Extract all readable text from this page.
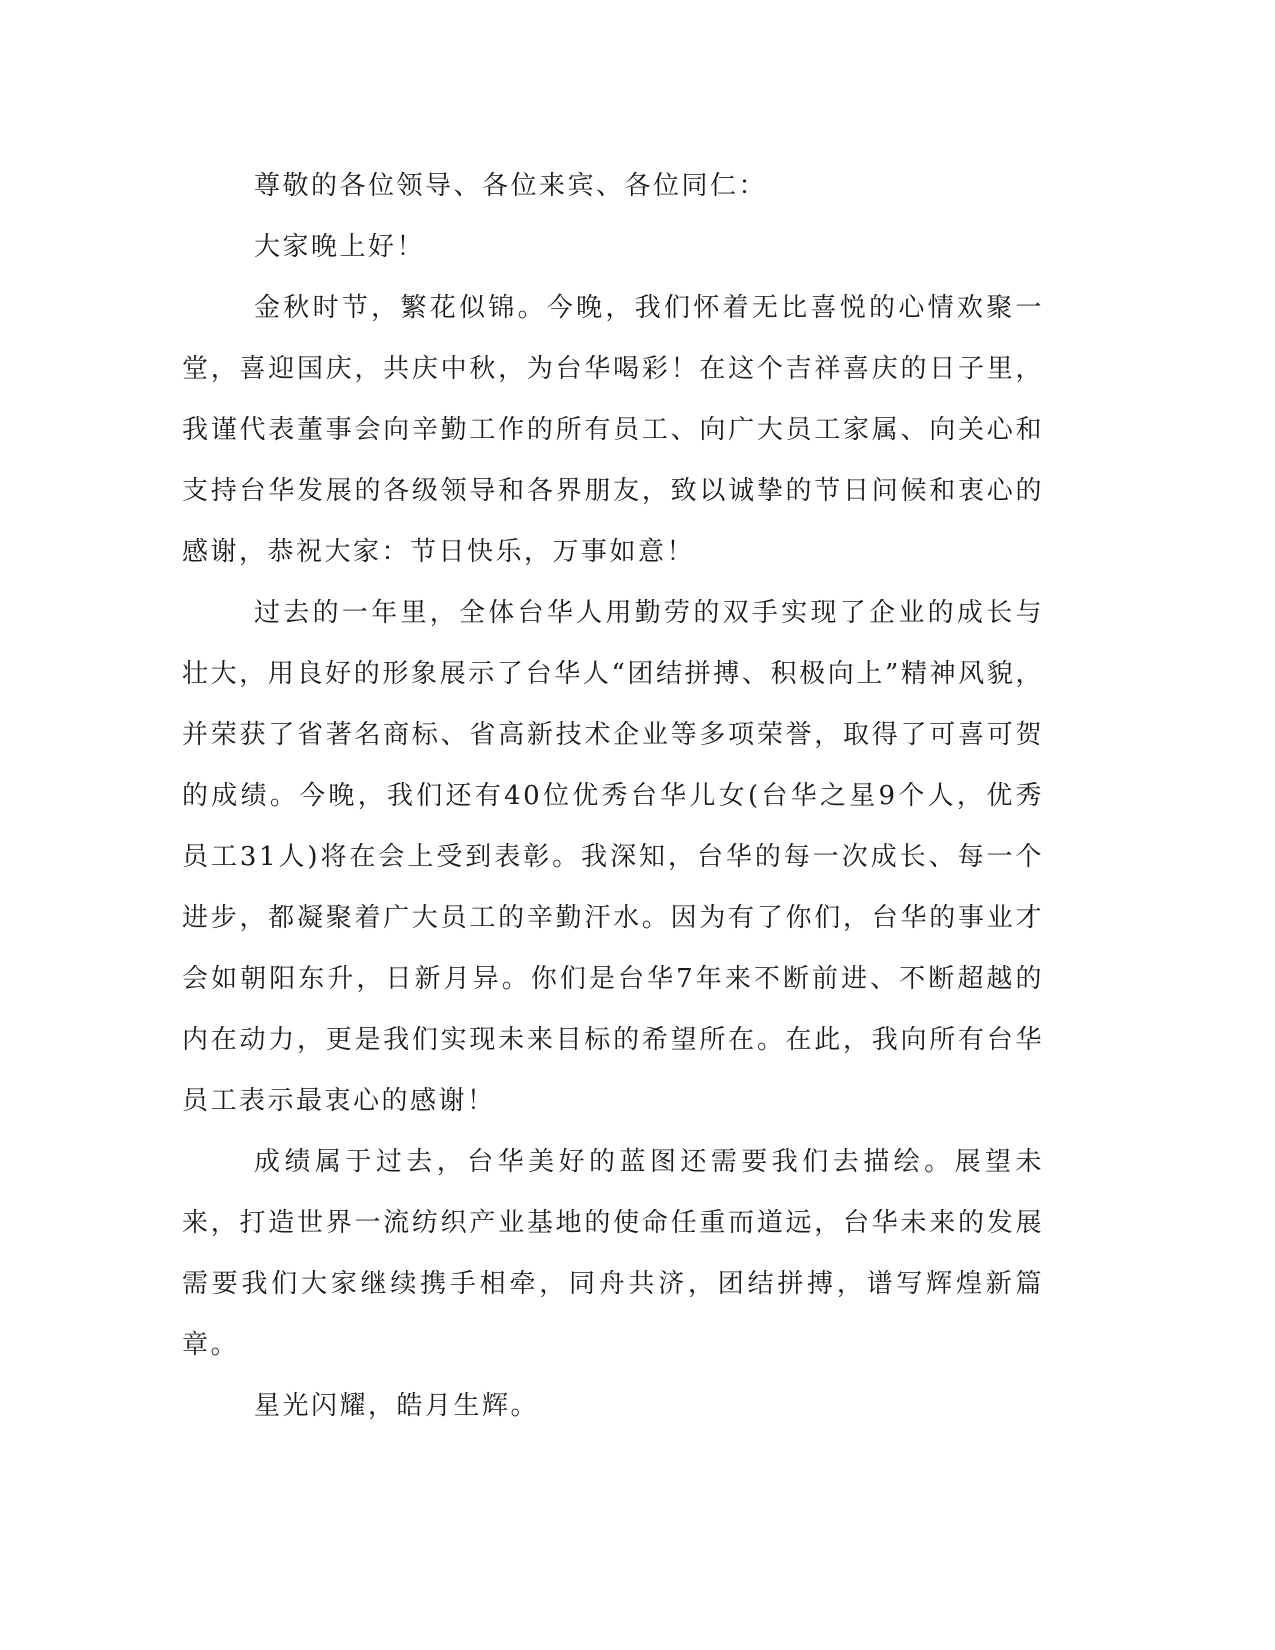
尊敬的各位领导、各位来宾、各位同仁：

大家晚上好！

金秋时节，繁花似锦。今晚，我们怀着无比喜悦的心情欢聚一堂，喜迎国庆，共庆中秋，为台华喝彩！在这个吉祥喜庆的日子里，我谨代表董事会向辛勤工作的所有员工、向广大员工家属、向关心和支持台华发展的各级领导和各界朋友，致以诚挚的节日问候和衷心的感谢，恭祝大家：节日快乐，万事如意！

过去的一年里，全体台华人用勤劳的双手实现了企业的成长与壮大，用良好的形象展示了台华人“团结拼搏、积极向上”精神风貌，并荣获了省著名商标、省高新技术企业等多项荣誉，取得了可喜可贺的成绩。今晚，我们还有40位优秀台华儿女(台华之星9个人，优秀员工31人)将在会上受到表彰。我深知，台华的每一次成长、每一个进步，都凝聚着广大员工的辛勤汗水。因为有了你们，台华的事业才会如朝阳东升，日新月异。你们是台华7年来不断前进、不断超越的内在动力，更是我们实现未来目标的希望所在。在此，我向所有台华员工表示最衷心的感谢！

成绩属于过去，台华美好的蓝图还需要我们去描绘。展望未来，打造世界一流纺织产业基地的使命任重而道远，台华未来的发展需要我们大家继续携手相牵，同舟共济，团结拼搏，谱写辉煌新篇章。

星光闪耀，皓月生辉。
